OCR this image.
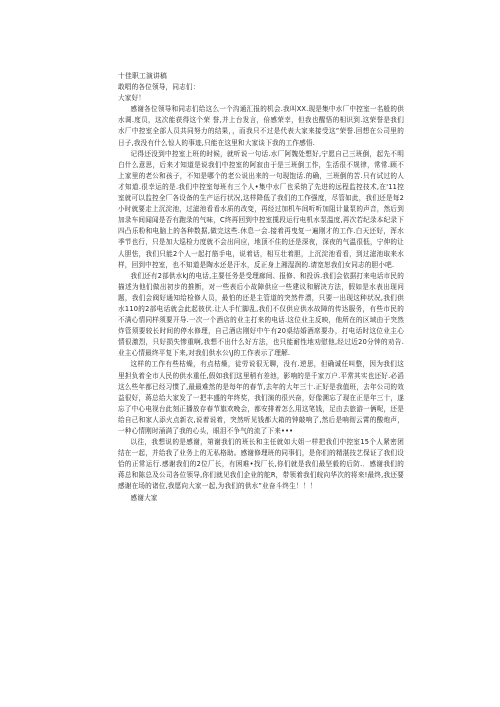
十佳职工演讲稿

敢唱的各位领导，同志们：

大家好！

感谢各位领导和同志们给这么一个沟通汇报的机会.我叫XX.现是集中水厂中控室一名般的供水调.度员，这次能获得这个荣 誉,并上台发言，倍感荣幸，但我也醒悟的相识到.这荣誉是我们水厂中控室全部人员共同努力的结果，，而我只不过是代表大家来接受这”荣誉.回想在公司里的日子,我没有什么惊人的事迹,只能在这里和大家谈下我的工作感悟.

记得还没到中控室上班的时候，就听说一句话.水厂阿魏处想好,宁愿自己三班倒，起先不明白什么意思，后来才知道是说我们中控室的阿寂由于是三班倒工作，生活很不规律，常常.顾不上家里的老公和孩子，不知是哪个的老公说出来的一句现饱话.的确，三班倒的苦.只有试过的人才知道.很幸运的是.我们中控室每班有三个人•集中水厂也采纳了先进的远程监控技术,在'11控室就可以监控全厂各设备的生产运行状况,这样降低了我们的工作强度，尽管如此，我们还是每2小时就要走上沉淀池，过滤池看看水质的改变，再经过加机车间听听加阻计量泵的声音，然后到加录车间闻闻是否有跑录的气味，C终再回到中控室揽段运行电机水泵温度,再次若纪录本纪录下四凸乐粉和电脑上的各种数据,做完这些.休息一会.接着再曳复一遍刚才的工作.白天还好，浑水季节也行，只是加大巡检力度就不会出问应，地顶不住的还是深夜，深夜的气温很低，宁伸的让人胆怯，我们只能2个人一起打筋手电，说着话，相互壮着胆，上沉淀池看看，到过滤池取来水样，回到中控室，也不知道是陶水还是汗水，反正身上湘湿润的.请宽恕我们女同志的胆小吧.

我们还有2部供水kJ的电话,主要任务是受理廊间、报修、和投诉.我们会依据打来电话市民的描述为他们做出初步的推断，对一些表后小故障供应一些建议和解决方法，假如是水表出现问题，我们会阀好通知给检修人员，最怕的还是主管道的突然件漂，只要一出现这种状况,我们供水110的2部电话就会此起彼伏.让人手忙脚乱,我们不仅供应供水故障的传达服务，有些市民的不满心情同样须要开导.一次一个酒店的业主打来的电话.这位业主反映，他所在的区域由于突然炸管须要较长时间的停水修理，自己酒店刚好中午有20桌结婚酒席要办，打电话时这位业主心情很激烈，只好损失惨重啊,我想不出什么好方法，也只能耐性地劝慰他,经过近20分钟的劝告.业主心情最终平复下来,对我们供水公\J的工作表示了理解.

这样的工作有些枯燥，有点枯燥，徒劳说很无聊，没有.逆思，但确诚任叫整，因为我们这里担负着全市人民的供水重任,假如我们这里稍有差池，影响的是千家万户.平常其实也还好.必滔这么些年都已经习惯了,最最难然的是每年的春节,去年的大年三十.正好是我值班，去年公司的效益很好，蒋总给大家发了一把丰盛的年终奖，我们演的很兴奋，好像溯忘了现在正是年三十，遂忘了中心电视台此刻正播放存春节旗欢晚会，都安排着怎么用这笔钱，足由去旅游一俩呢，还是给自己和家人添火点新衣,说着说着，突然听见钱都大箱的钟敲响了,然后是响彻云霄的酸炮声，一种心情刚时涌满了我的心头，眼泪不争气的流了下来•••

以往，我想说的是感谢，第谢我们的班长和主任就如大姐一样把我们中控室15个人紧密团结在一起，并给我了业务上的无私格助。感谢修理班的同事们，是你们的精湛技艺保证了我们设恰的正常运行.感谢我们的2位厂长，有困难•找厂长,你们就是我们最坚毅的后防.．感谢我们的蒋总和陈总及公司各位领导,你们就见我们企业的舵R，带领着我们皖向华次的将来!最终,我还要感谢在场的诸位,我愿向大家一起,为我们的供水”业奋斗终生！！！

感谢大家
